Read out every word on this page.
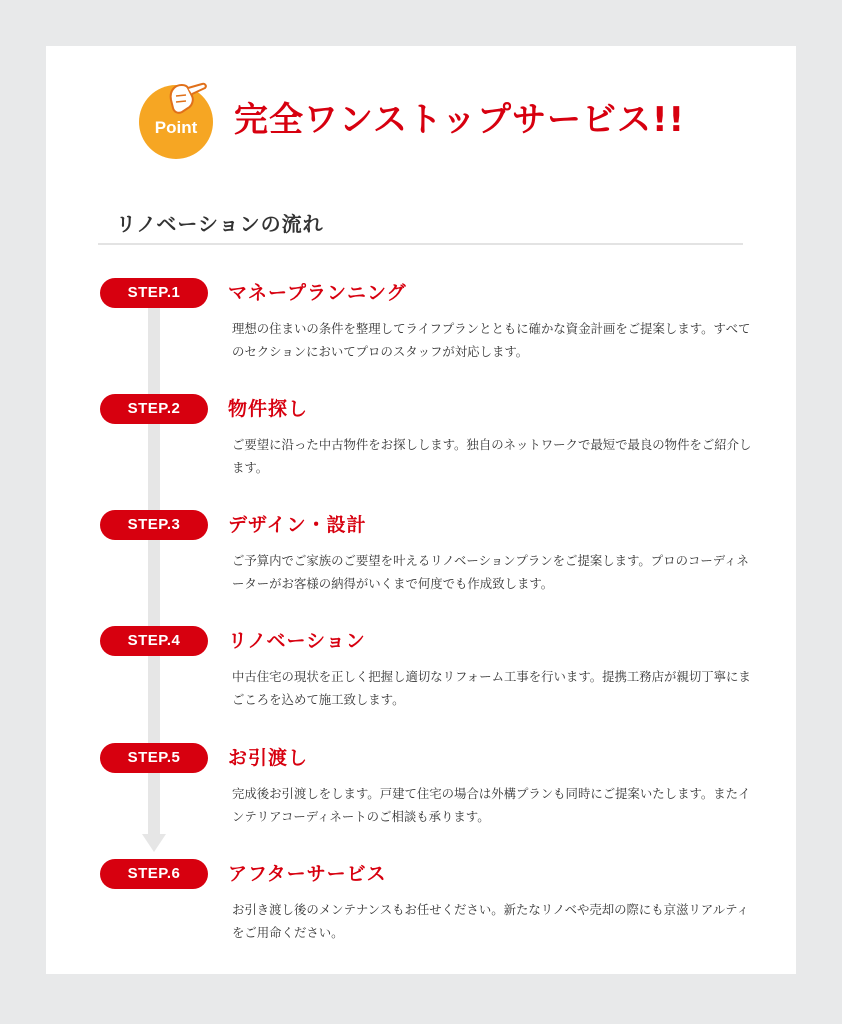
Point 完全ワンストップサービス!!
リノベーションの流れ
STEP.1	マネープランニング
理想の住まいの条件を整理してライフプランとともに確かな資金計画をご提案します。すべてのセクションにおいてプロのスタッフが対応します。
STEP.2	物件探し
ご要望に沿った中古物件をお探しします。独自のネットワークで最短で最良の物件をご紹介します。
STEP.3	デザイン・設計
ご予算内でご家族のご要望を叶えるリノベーションプランをご提案します。プロのコーディネーターがお客様の納得がいくまで何度でも作成致します。
STEP.4	リノベーション
中古住宅の現状を正しく把握し適切なリフォーム工事を行います。提携工務店が親切丁寧にまごころを込めて施工致します。
STEP.5	お引渡し
完成後お引渡しをします。戸建て住宅の場合は外構プランも同時にご提案いたします。またインテリアコーディネートのご相談も承ります。
STEP.6	アフターサービス
お引き渡し後のメンテナンスもお任せください。新たなリノベや売却の際にも京滋リアルティをご用命ください。
